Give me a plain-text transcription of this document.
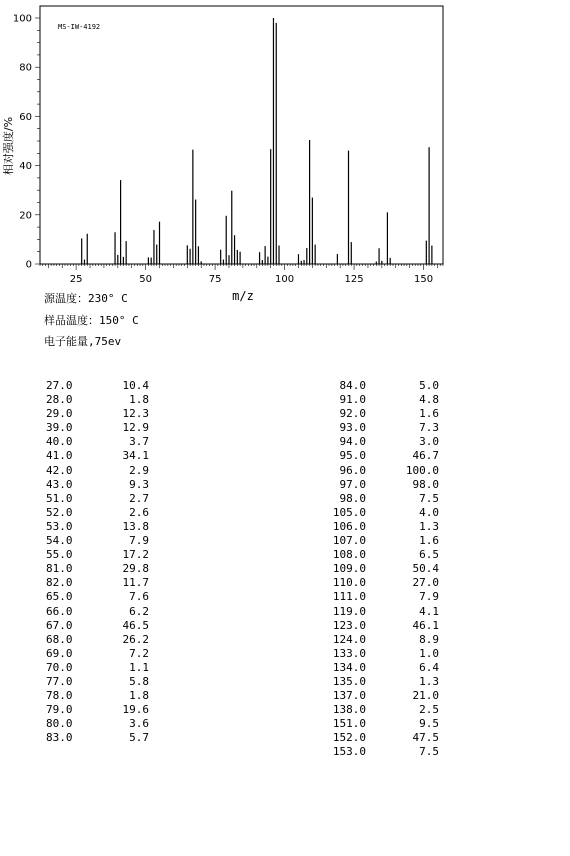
25	50	75	100	125	150
0
20
40
60
80
100
MS-IW-4192
m/z
相对强度/%
源温度：230° C
样品温度：150° C
电子能量,75ev
27.0	10.4
28.0	1.8
29.0	12.3
39.0	12.9
40.0	3.7
41.0	34.1
42.0	2.9
43.0	9.3
51.0	2.7
52.0	2.6
53.0	13.8
54.0	7.9
55.0	17.2
81.0	29.8
82.0	11.7
65.0	7.6
66.0	6.2
67.0	46.5
68.0	26.2
69.0	7.2
70.0	1.1
77.0	5.8
78.0	1.8
79.0	19.6
80.0	3.6
83.0	5.7
84.0	5.0
91.0	4.8
92.0	1.6
93.0	7.3
94.0	3.0
95.0	46.7
96.0	100.0
97.0	98.0
98.0	7.5
105.0	4.0
106.0	1.3
107.0	1.6
108.0	6.5
109.0	50.4
110.0	27.0
111.0	7.9
119.0	4.1
123.0	46.1
124.0	8.9
133.0	1.0
134.0	6.4
135.0	1.3
137.0	21.0
138.0	2.5
151.0	9.5
152.0	47.5
153.0	7.5
